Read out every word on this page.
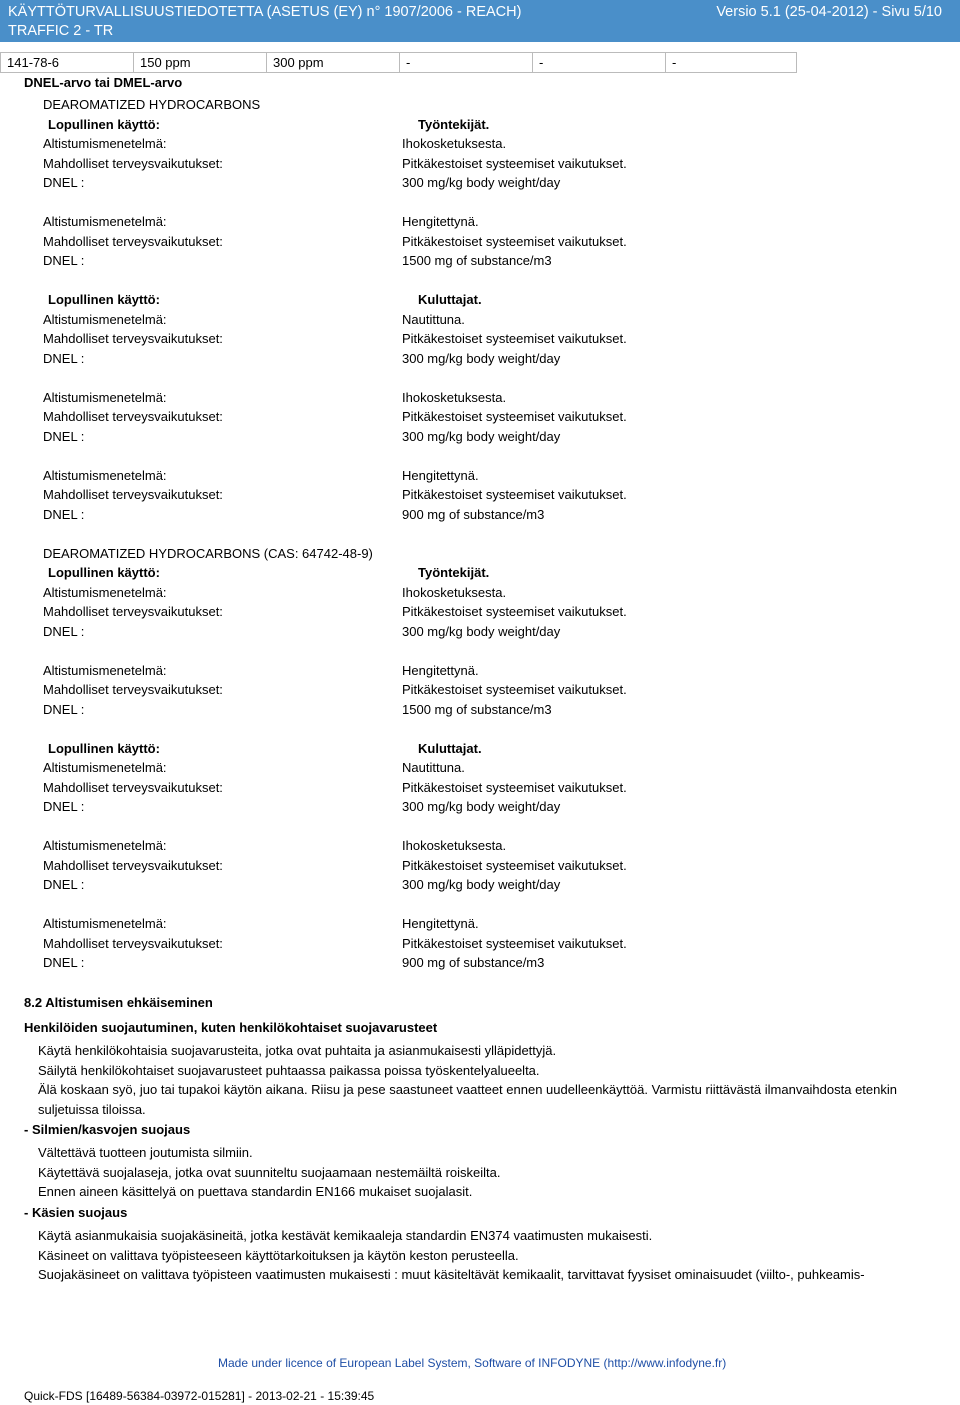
KÄYTTÖTURVALLISUUSTIEDOTETTA (ASETUS (EY) n° 1907/2006 - REACH)
TRAFFIC 2 - TR
Versio 5.1 (25-04-2012) - Sivu 5/10
141-78-6	150 ppm	300 ppm	-	-	-
DNEL-arvo tai DMEL-arvo
DEAROMATIZED HYDROCARBONS
Lopullinen käyttö:	Työntekijät.
Altistumismenetelmä:	Ihokosketuksesta.
Mahdolliset terveysvaikutukset:	Pitkäkestoiset systeemiset vaikutukset.
DNEL :	300 mg/kg body weight/day
Altistumismenetelmä:	Hengitettynä.
Mahdolliset terveysvaikutukset:	Pitkäkestoiset systeemiset vaikutukset.
DNEL :	1500 mg of substance/m3
Lopullinen käyttö:	Kuluttajat.
Altistumismenetelmä:	Nautittuna.
Mahdolliset terveysvaikutukset:	Pitkäkestoiset systeemiset vaikutukset.
DNEL :	300 mg/kg body weight/day
Altistumismenetelmä:	Ihokosketuksesta.
Mahdolliset terveysvaikutukset:	Pitkäkestoiset systeemiset vaikutukset.
DNEL :	300 mg/kg body weight/day
Altistumismenetelmä:	Hengitettynä.
Mahdolliset terveysvaikutukset:	Pitkäkestoiset systeemiset vaikutukset.
DNEL :	900 mg of substance/m3
DEAROMATIZED HYDROCARBONS (CAS: 64742-48-9)
Lopullinen käyttö:	Työntekijät.
Altistumismenetelmä:	Ihokosketuksesta.
Mahdolliset terveysvaikutukset:	Pitkäkestoiset systeemiset vaikutukset.
DNEL :	300 mg/kg body weight/day
Altistumismenetelmä:	Hengitettynä.
Mahdolliset terveysvaikutukset:	Pitkäkestoiset systeemiset vaikutukset.
DNEL :	1500 mg of substance/m3
Lopullinen käyttö:	Kuluttajat.
Altistumismenetelmä:	Nautittuna.
Mahdolliset terveysvaikutukset:	Pitkäkestoiset systeemiset vaikutukset.
DNEL :	300 mg/kg body weight/day
Altistumismenetelmä:	Ihokosketuksesta.
Mahdolliset terveysvaikutukset:	Pitkäkestoiset systeemiset vaikutukset.
DNEL :	300 mg/kg body weight/day
Altistumismenetelmä:	Hengitettynä.
Mahdolliset terveysvaikutukset:	Pitkäkestoiset systeemiset vaikutukset.
DNEL :	900 mg of substance/m3
8.2 Altistumisen ehkäiseminen
Henkilöiden suojautuminen, kuten henkilökohtaiset suojavarusteet
Käytä henkilökohtaisia suojavarusteita, jotka ovat puhtaita ja asianmukaisesti ylläpidettyjä.
Säilytä henkilökohtaiset suojavarusteet puhtaassa paikassa poissa työskentelyalueelta.
Älä koskaan syö, juo tai tupakoi käytön aikana. Riisu ja pese saastuneet vaatteet ennen uudelleenkäyttöä. Varmistu riittävästä ilmanvaihdosta etenkin suljetuissa tiloissa.
- Silmien/kasvojen suojaus
Vältettävä tuotteen joutumista silmiin.
Käytettävä suojalaseja, jotka ovat suunniteltu suojaamaan nestemäiltä roiskeilta.
Ennen aineen käsittelyä on puettava standardin EN166 mukaiset suojalasit.
- Käsien suojaus
Käytä asianmukaisia suojakäsineitä, jotka kestävät kemikaaleja standardin EN374 vaatimusten mukaisesti.
Käsineet on valittava työpisteeseen käyttötarkoituksen ja käytön keston perusteella.
Suojakäsineet on valittava työpisteen vaatimusten mukaisesti : muut käsiteltävät kemikaalit, tarvittavat fyysiset ominaisuudet (viilto-, puhkeamis-
Made under licence of European Label System, Software of INFODYNE (http://www.infodyne.fr)
Quick-FDS [16489-56384-03972-015281] - 2013-02-21 - 15:39:45
